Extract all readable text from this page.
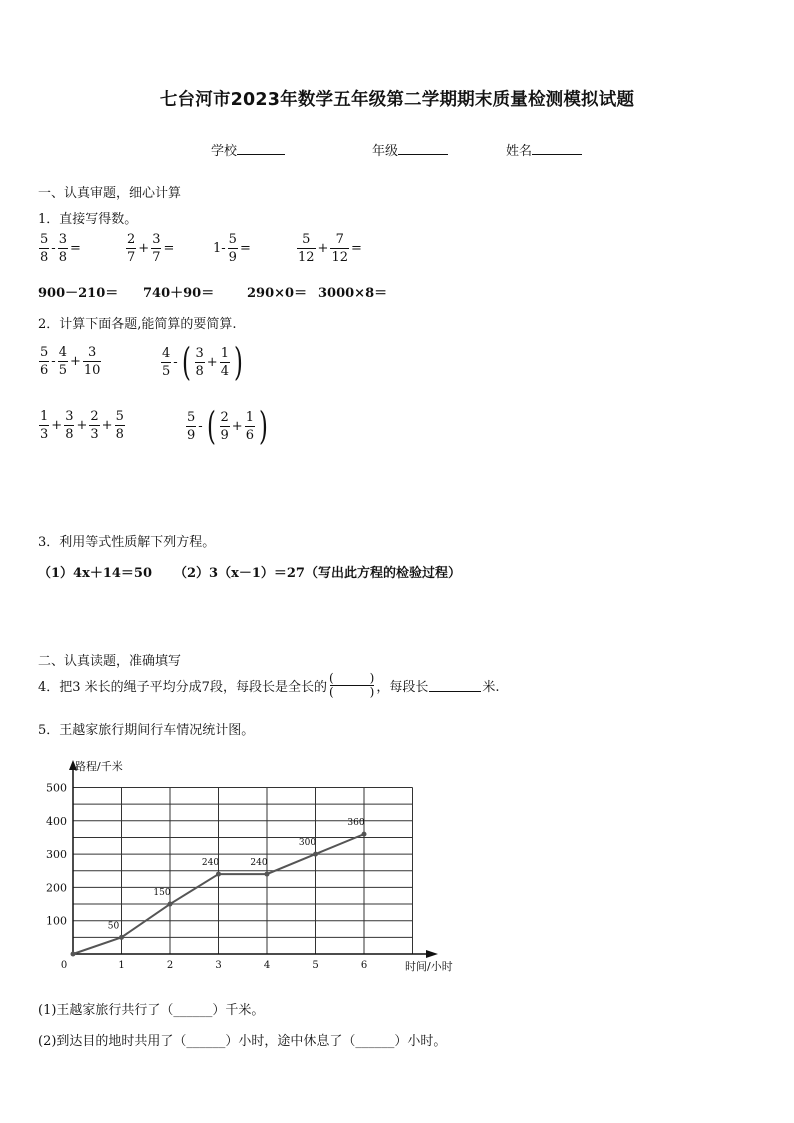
七台河市2023年数学五年级第二学期期末质量检测模拟试题
学校	年级	姓名
一、认真审题，细心计算
1．直接写得数。
$\frac{5}{8} - \frac{3}{8}$ =	$\frac{2}{7} + \frac{3}{7}$ =	$1- \frac{5}{9}$ =	$\frac{5}{12} + \frac{7}{12}$ =
900－210＝ 740＋90＝	290×0＝ 3000×8＝
2．计算下面各题,能简算的要简算.
$\frac{5}{6} - \frac{4}{5} + \frac{3}{10}$	$\frac{4}{5}$ - ( $\frac{3}{8} + \frac{1}{4}$ )
$\frac{1}{3} + \frac{3}{8} + \frac{2}{3} + \frac{5}{8}$	$\frac{5}{9}$ - ( $\frac{2}{9} + \frac{1}{6}$ )
3．利用等式性质解下列方程。
（1）4x＋14＝50 （2）3（x－1）＝27（写出此方程的检验过程）
二、认真读题，准确填写
4．把3 米长的绳子平均分成7段，每段长是全长的
(	)
(	) ，每段长	米.
5．王越家旅行期间行车情况统计图。
路程/千米
时间/小时
100
200
300
400
500
0	1	2	3	4	5	6
50
150
240	240
300
360
(1)王越家旅行共行了（______）千米。
(2)到达目的地时共用了（______）小时，途中休息了（______）小时。
